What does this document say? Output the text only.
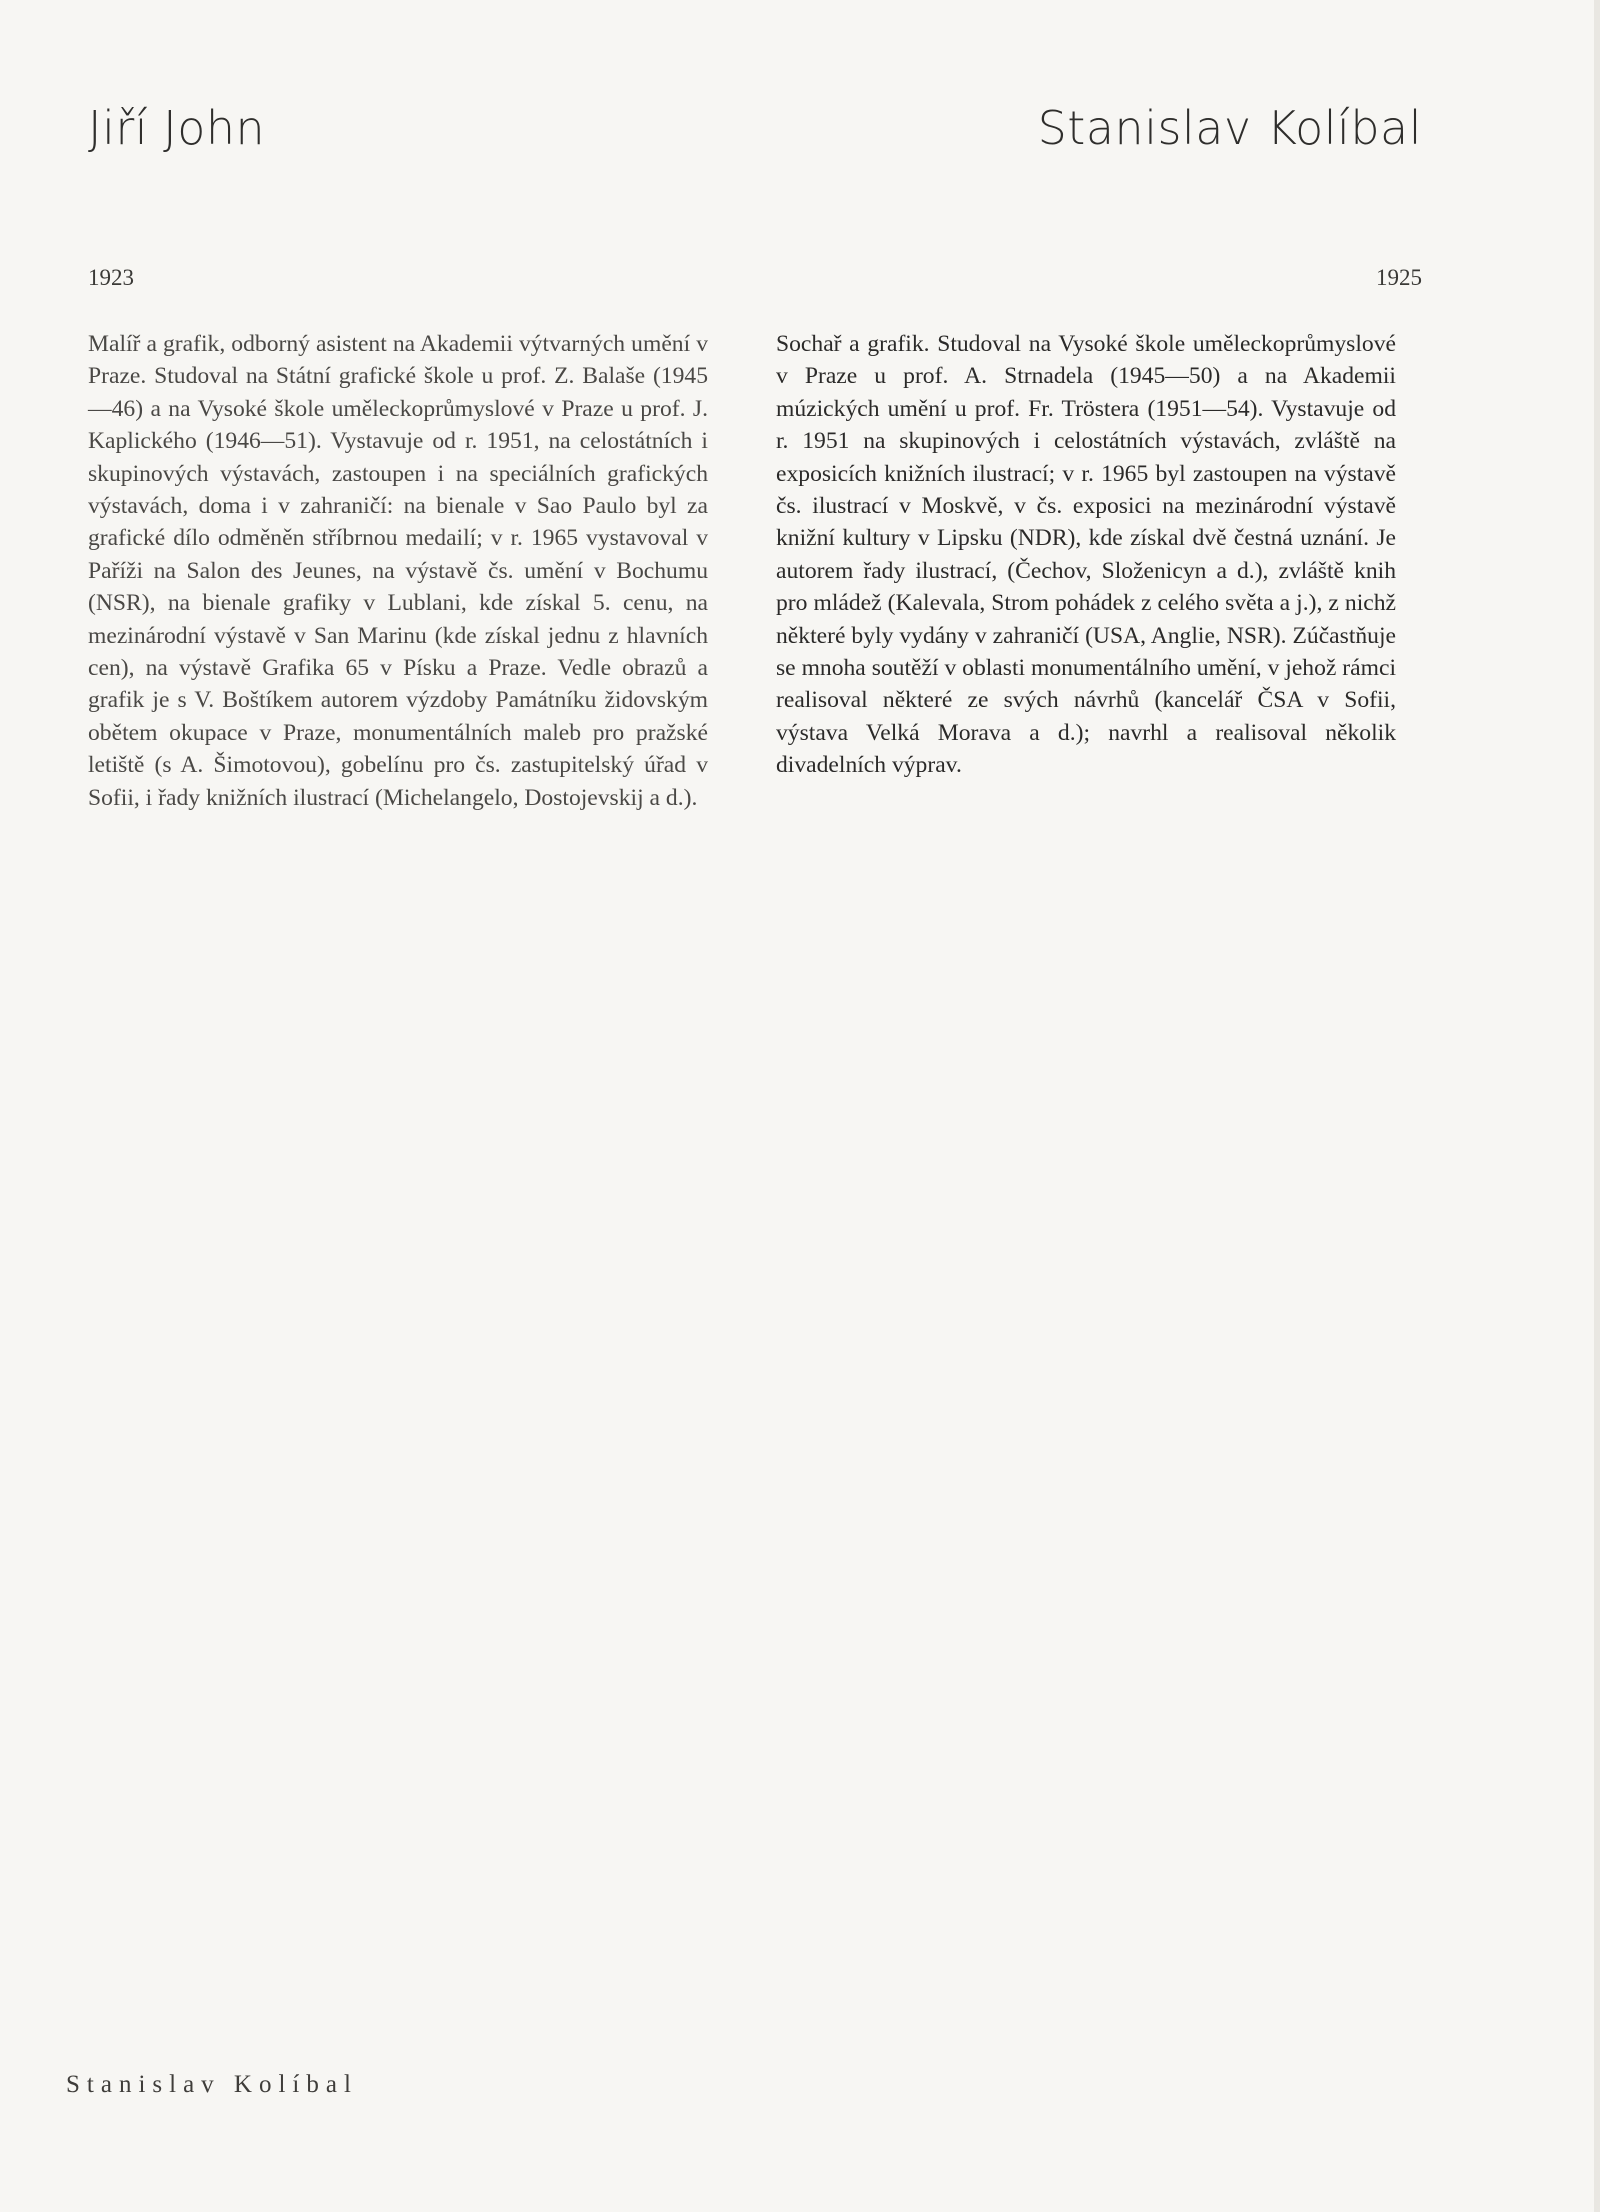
Jiří John	Stanislav Kolíbal
1923	1925

Malíř a grafik, odborný asistent na Akademii výtvarných umění v Praze. Studoval na Státní grafické škole u prof. Z. Balaše (1945—46) a na Vysoké škole uměleckoprůmyslové v Praze u prof. J. Kaplického (1946—51). Vystavuje od r. 1951, na celostátních i skupinových výstavách, zastoupen i na speciálních grafických výstavách, doma i v zahraničí: na bienale v Sao Paulo byl za grafické dílo odměněn stříbrnou medailí; v r. 1965 vystavoval v Paříži na Salon des Jeunes, na výstavě čs. umění v Bochumu (NSR), na bienale grafiky v Lublani, kde získal 5. cenu, na mezinárodní výstavě v San Marinu (kde získal jednu z hlavních cen), na výstavě Grafika 65 v Písku a Praze. Vedle obrazů a grafik je s V. Boštíkem autorem výzdoby Památníku židovským obětem okupace v Praze, monumentálních maleb pro pražské letiště (s A. Šimotovou), gobelínu pro čs. zastupitelský úřad v Sofii, i řady knižních ilustrací (Michelangelo, Dostojevskij a d.).

Sochař a grafik. Studoval na Vysoké škole uměleckoprůmyslové v Praze u prof. A. Strnadela (1945—50) a na Akademii múzických umění u prof. Fr. Tröstera (1951—54). Vystavuje od r. 1951 na skupinových i celostátních výstavách, zvláště na exposicích knižních ilustrací; v r. 1965 byl zastoupen na výstavě čs. ilustrací v Moskvě, v čs. exposici na mezinárodní výstavě knižní kultury v Lipsku (NDR), kde získal dvě čestná uznání. Je autorem řady ilustrací, (Čechov, Složenicyn a d.), zvláště knih pro mládež (Kalevala, Strom pohádek z celého světa a j.), z nichž některé byly vydány v zahraničí (USA, Anglie, NSR). Zúčastňuje se mnoha soutěží v oblasti monumentálního umění, v jehož rámci realisoval některé ze svých návrhů (kancelář ČSA v Sofii, výstava Velká Morava a d.); navrhl a realisoval několik divadelních výprav.

Stanislav Kolíbal
